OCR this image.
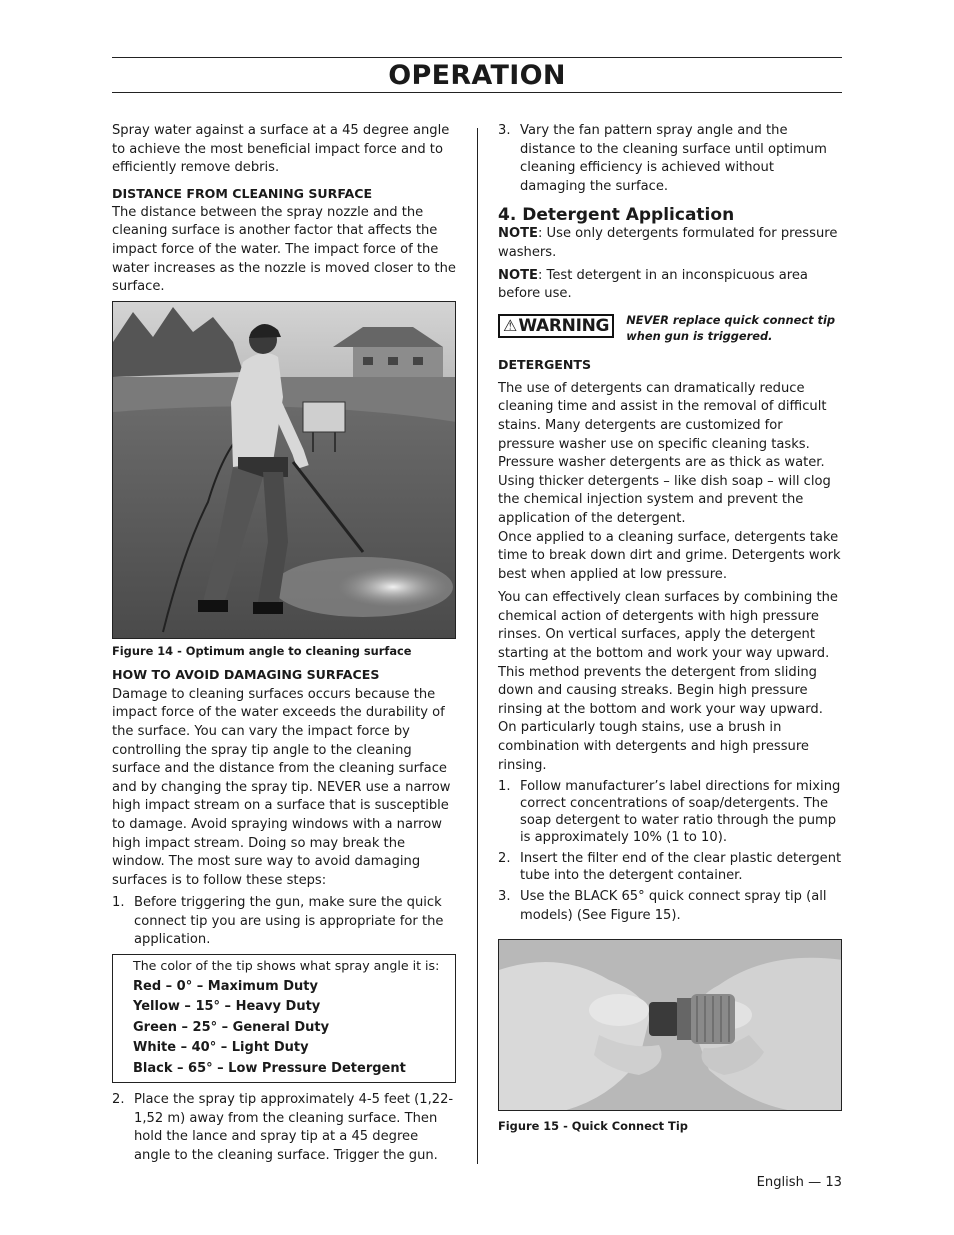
OPERATION

Spray water against a surface at a 45 degree angle to achieve the most beneficial impact force and to efficiently remove debris.

DISTANCE FROM CLEANING SURFACE

The distance between the spray nozzle and the cleaning surface is another factor that affects the impact force of the water. The impact force of the water increases as the nozzle is moved closer to the surface.

Figure 14 - Optimum angle to cleaning surface
HOW TO AVOID DAMAGING SURFACES

Damage to cleaning surfaces occurs because the impact force of the water exceeds the durability of the surface. You can vary the impact force by controlling the spray tip angle to the cleaning surface and the distance from the cleaning surface and by changing the spray tip. NEVER use a narrow high impact stream on a surface that is susceptible to damage. Avoid spraying windows with a narrow high impact stream. Doing so may break the window. The most sure way to avoid damaging surfaces is to follow these steps:

1. Before triggering the gun, make sure the quick connect tip you are using is appropriate for the application.
The color of the tip shows what spray angle it is:
Red – 0° – Maximum Duty
Yellow – 15° – Heavy Duty
Green – 25° – General Duty
White – 40° – Light Duty
Black – 65° – Low Pressure Detergent
2. Place the spray tip approximately 4-5 feet (1,22-1,52 m) away from the cleaning surface. Then hold the lance and spray tip at a 45 degree angle to the cleaning surface. Trigger the gun.
3. Vary the fan pattern spray angle and the distance to the cleaning surface until optimum cleaning efficiency is achieved without damaging the surface.
4. Detergent Application

NOTE: Use only detergents formulated for pressure washers.

NOTE: Test detergent in an inconspicuous area before use.

⚠ WARNING NEVER replace quick connect tip when gun is triggered.
DETERGENTS

The use of detergents can dramatically reduce cleaning time and assist in the removal of difficult stains. Many detergents are customized for pressure washer use on specific cleaning tasks. Pressure washer detergents are as thick as water. Using thicker detergents – like dish soap – will clog the chemical injection system and prevent the application of the detergent.

Once applied to a cleaning surface, detergents take time to break down dirt and grime. Detergents work best when applied at low pressure.

You can effectively clean surfaces by combining the chemical action of detergents with high pressure rinses. On vertical surfaces, apply the detergent starting at the bottom and work your way upward. This method prevents the detergent from sliding down and causing streaks. Begin high pressure rinsing at the bottom and work your way upward. On particularly tough stains, use a brush in combination with detergents and high pressure rinsing.

1. Follow manufacturer’s label directions for mixing correct concentrations of soap/detergents. The soap detergent to water ratio through the pump is approximately 10% (1 to 10).
2. Insert the filter end of the clear plastic detergent tube into the detergent container.
3. Use the BLACK 65° quick connect spray tip (all models) (See Figure 15).
Figure 15 - Quick Connect Tip
English — 13
